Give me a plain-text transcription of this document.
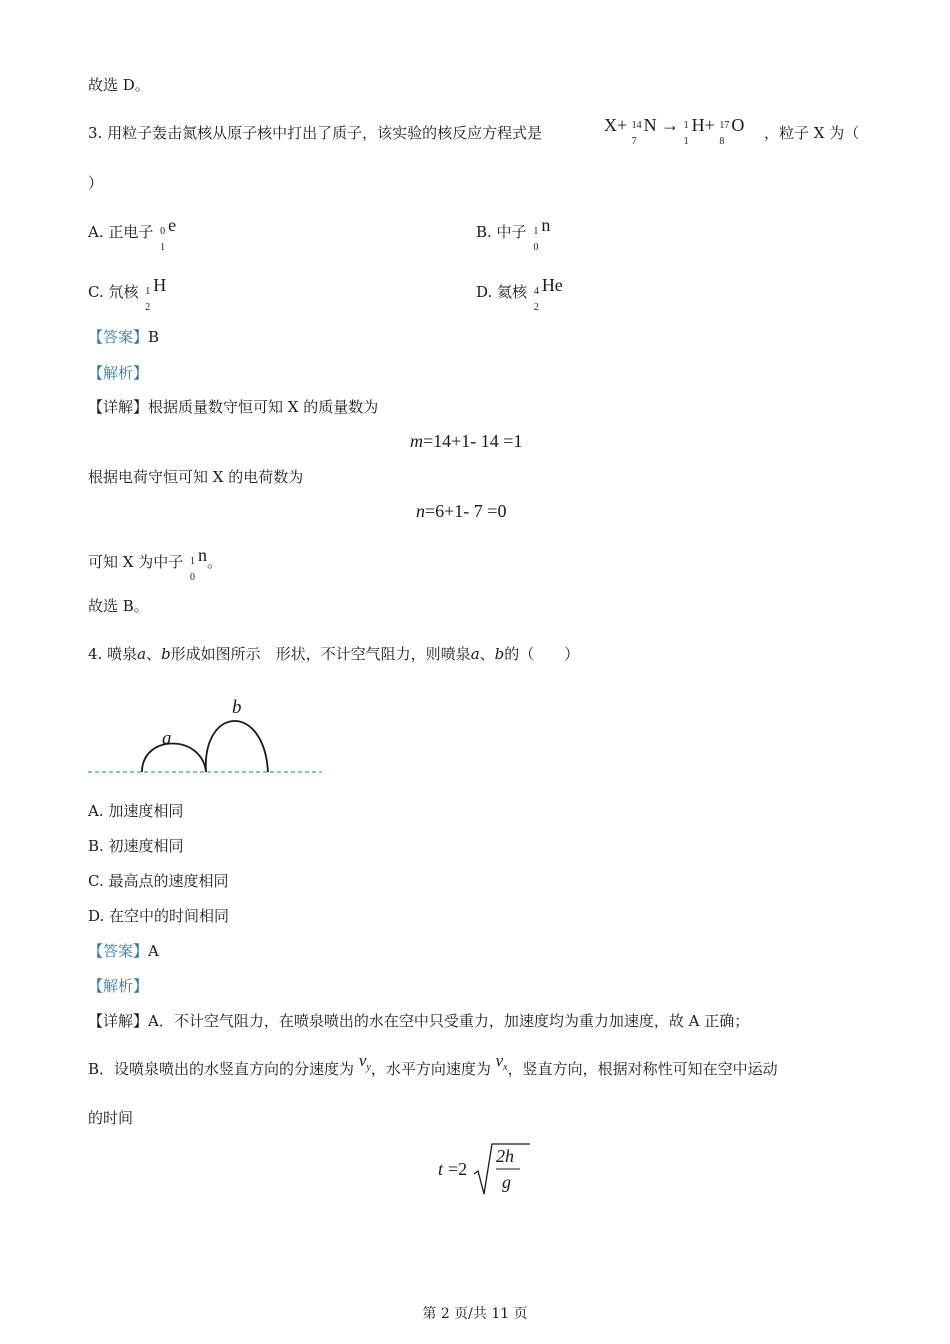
故选 D。
3. 用粒子轰击氮核从原子核中打出了质子，该实验的核反应方程式是	X+ 14
7
N → 1
1
H+ 17
8
O ，粒子 X 为（
）
A. 正电子 0
1
e	B. 中子 1
0
n
C. 氘核 1
2
H	D. 氦核 4
2
He
【答案】B
【解析】
【详解】根据质量数守恒可知 X 的质量数为
m=14+1- 14 =1
根据电荷守恒可知 X 的电荷数为
n=6+1- 7 =0
可知 X 为中子 1
0
n。
故选 B。
4. 喷泉a、b形成如图所示　形状，不计空气阻力，则喷泉a、b的（　　）
a
b
A. 加速度相同
B. 初速度相同
C. 最高点的速度相同
D. 在空中的时间相同
【答案】A
【解析】
【详解】A．不计空气阻力，在喷泉喷出的水在空中只受重力，加速度均为重力加速度，故 A 正确；
B．设喷泉喷出的水竖直方向的分速度为 $v^y$，水平方向速度为 $v^x$，竖直方向，根据对称性可知在空中运动
的时间
t =2
2h
g
第 2 页/共 11 页
